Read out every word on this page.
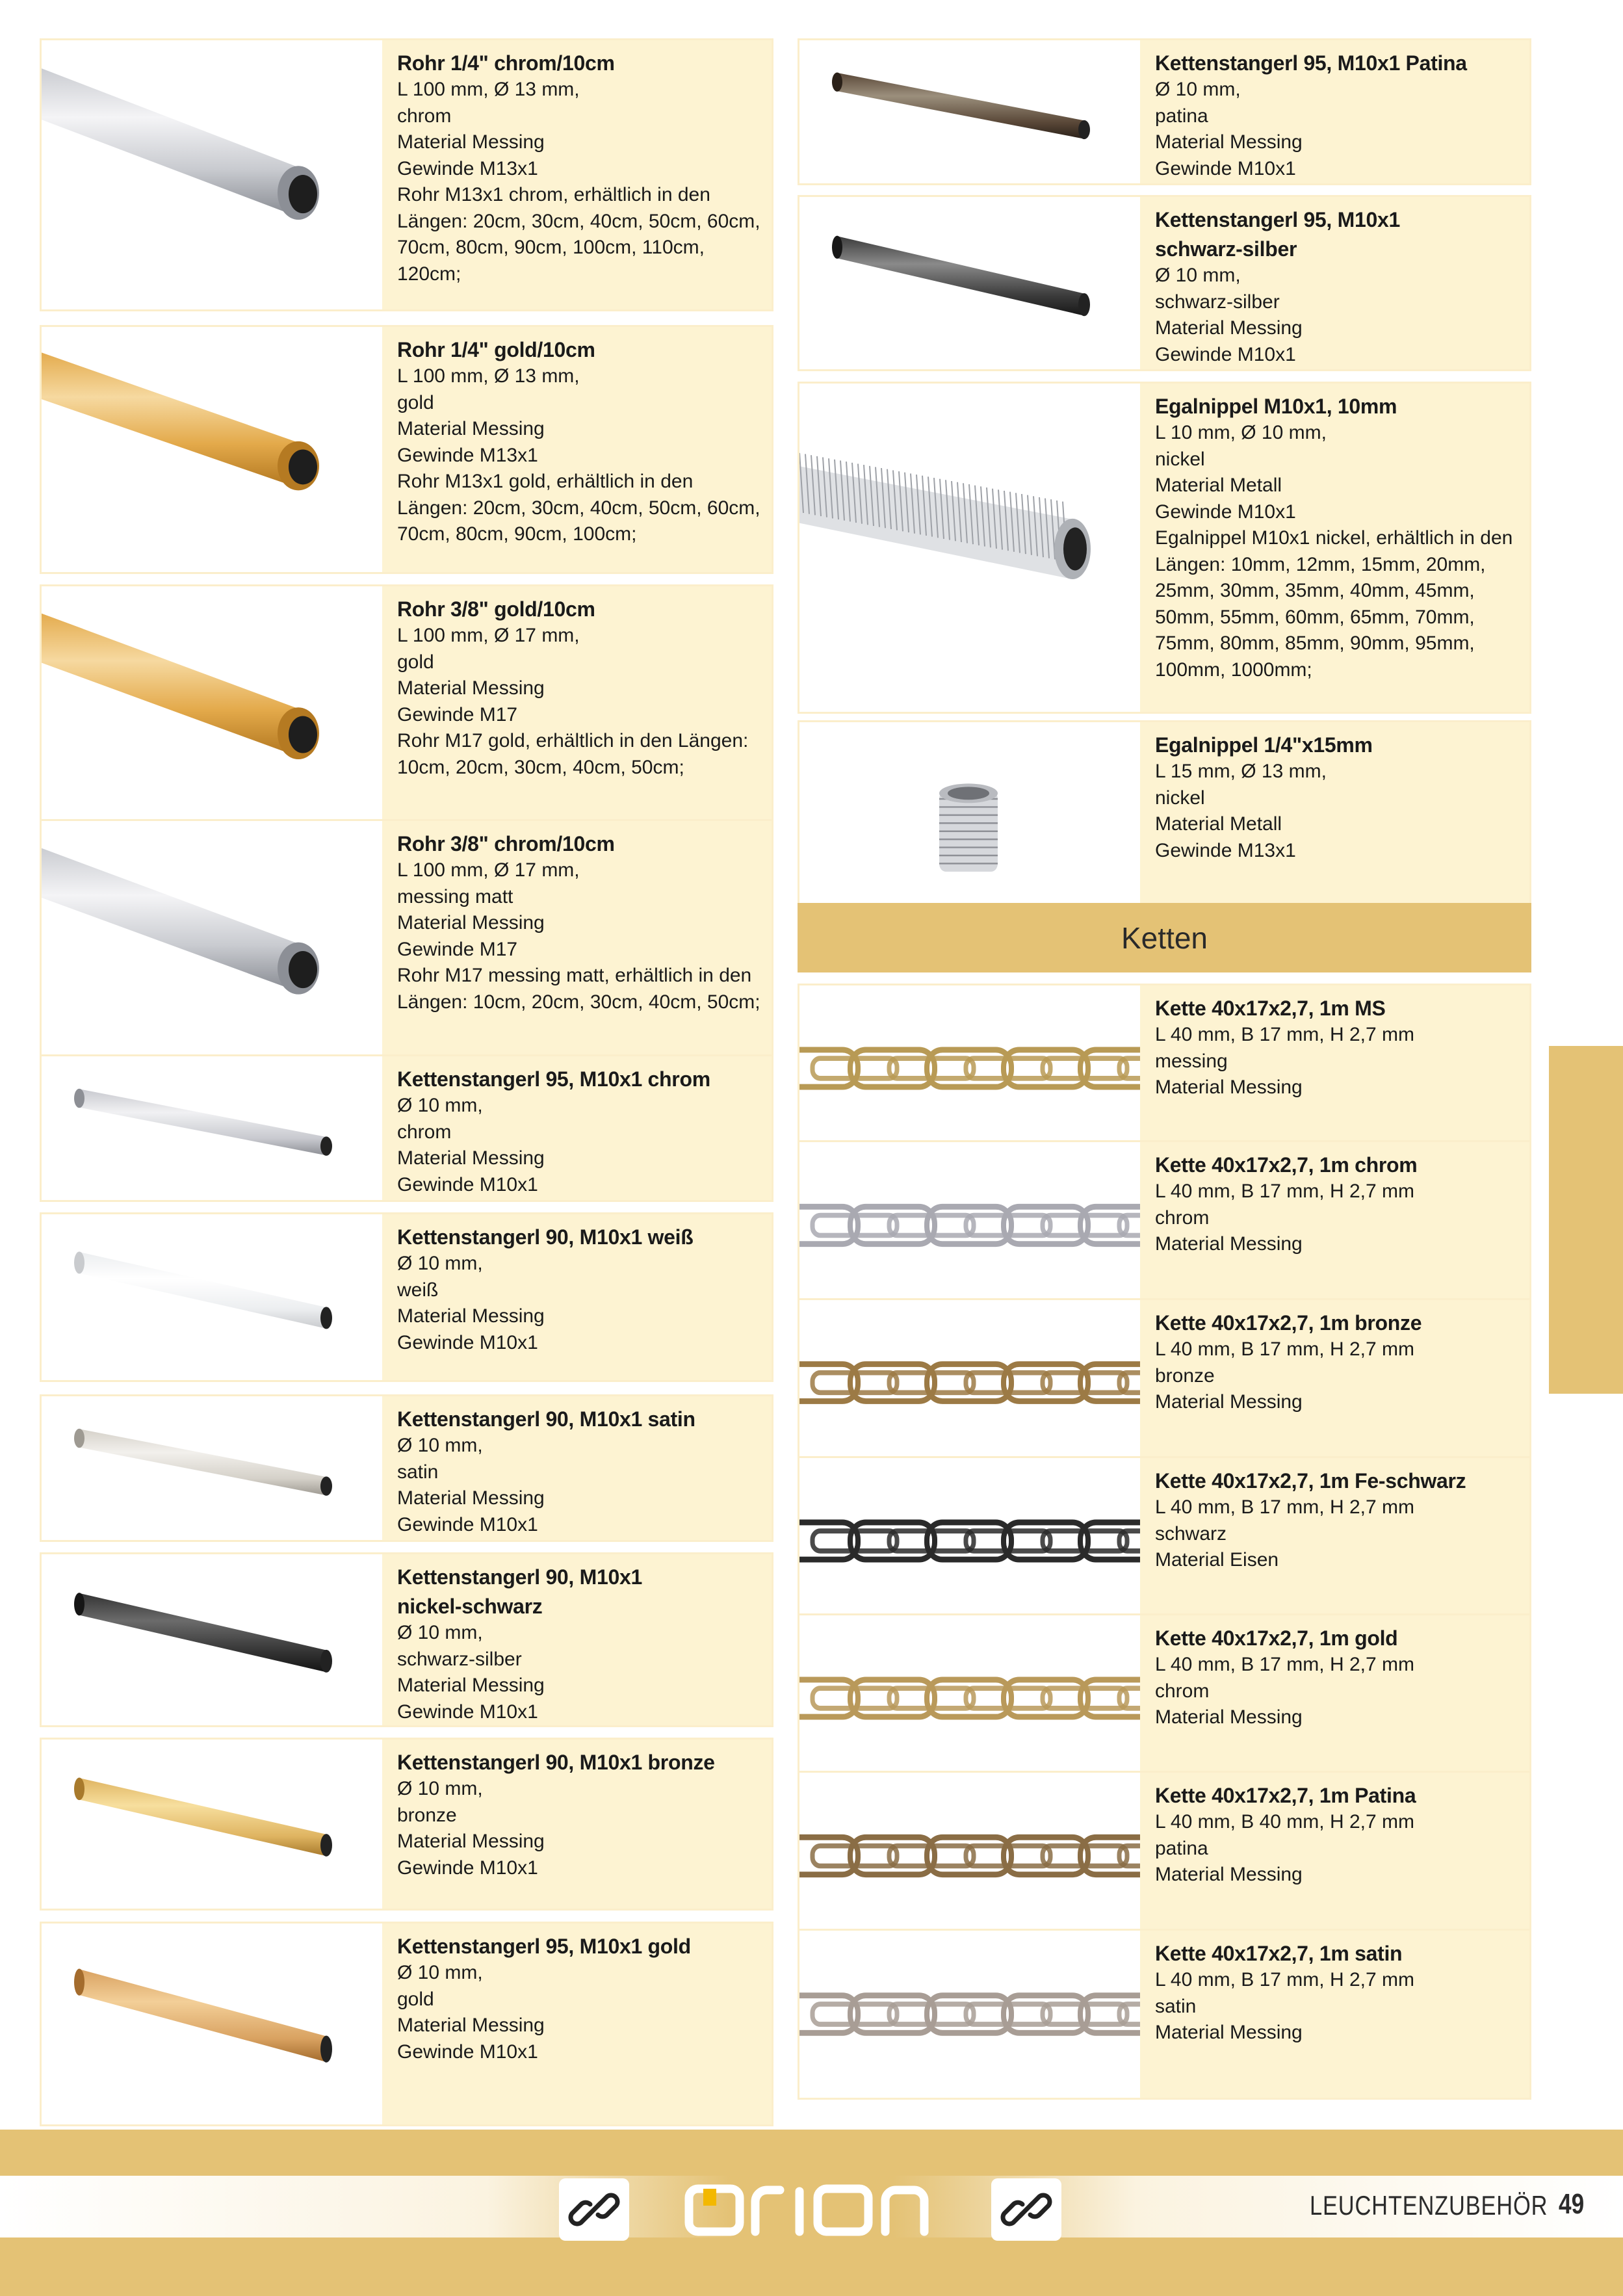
Rohr 1/4" chrom/10cm
L 100 mm, Ø 13 mm,
chrom
Material Messing
Gewinde M13x1
Rohr M13x1 chrom, erhältlich in den Längen: 20cm, 30cm, 40cm, 50cm, 60cm, 70cm, 80cm, 90cm, 100cm, 110cm, 120cm;
Rohr 1/4" gold/10cm
L 100 mm, Ø 13 mm,
gold
Material Messing
Gewinde M13x1
Rohr M13x1 gold, erhältlich in den Längen: 20cm, 30cm, 40cm, 50cm, 60cm, 70cm, 80cm, 90cm, 100cm;
Rohr 3/8" gold/10cm
L 100 mm, Ø 17 mm,
gold
Material Messing
Gewinde M17
Rohr M17 gold, erhältlich in den Längen: 10cm, 20cm, 30cm, 40cm, 50cm;
Rohr 3/8" chrom/10cm
L 100 mm, Ø 17 mm,
messing matt
Material Messing
Gewinde M17
Rohr M17 messing matt, erhältlich in den Längen: 10cm, 20cm, 30cm, 40cm, 50cm;
Kettenstangerl 95, M10x1 chrom
Ø 10 mm,
chrom
Material Messing
Gewinde M10x1
Kettenstangerl 90, M10x1 weiß
Ø 10 mm,
weiß
Material Messing
Gewinde M10x1
Kettenstangerl 90, M10x1 satin
Ø 10 mm,
satin
Material Messing
Gewinde M10x1
Kettenstangerl 90, M10x1 nickel-schwarz
Ø 10 mm,
schwarz-silber
Material Messing
Gewinde M10x1
Kettenstangerl 90, M10x1 bronze
Ø 10 mm,
bronze
Material Messing
Gewinde M10x1
Kettenstangerl 95, M10x1 gold
Ø 10 mm,
gold
Material Messing
Gewinde M10x1
Kettenstangerl 95, M10x1 Patina
Ø 10 mm,
patina
Material Messing
Gewinde M10x1
Kettenstangerl 95, M10x1 schwarz-silber
Ø 10 mm,
schwarz-silber
Material Messing
Gewinde M10x1
Egalnippel M10x1, 10mm
L 10 mm, Ø 10 mm,
nickel
Material Metall
Gewinde M10x1
Egalnippel M10x1 nickel, erhältlich in den Längen: 10mm, 12mm, 15mm, 20mm, 25mm, 30mm, 35mm, 40mm, 45mm, 50mm, 55mm, 60mm, 65mm, 70mm, 75mm, 80mm, 85mm, 90mm, 95mm, 100mm, 1000mm;
Egalnippel 1/4"x15mm
L 15 mm, Ø 13 mm,
nickel
Material Metall
Gewinde M13x1
Ketten
Kette 40x17x2,7, 1m MS
L 40 mm, B 17 mm, H 2,7 mm
messing
Material Messing
Kette 40x17x2,7, 1m chrom
L 40 mm, B 17 mm, H 2,7 mm
chrom
Material Messing
Kette 40x17x2,7, 1m bronze
L 40 mm, B 17 mm, H 2,7 mm
bronze
Material Messing
Kette 40x17x2,7, 1m Fe-schwarz
L 40 mm, B 17 mm, H 2,7 mm
schwarz
Material Eisen
Kette 40x17x2,7, 1m gold
L 40 mm, B 17 mm, H 2,7 mm
chrom
Material Messing
Kette 40x17x2,7, 1m Patina
L 40 mm, B 40 mm, H 2,7 mm
patina
Material Messing
Kette 40x17x2,7, 1m satin
L 40 mm, B 17 mm, H 2,7 mm
satin
Material Messing
LEUCHTENZUBEHÖR 49
